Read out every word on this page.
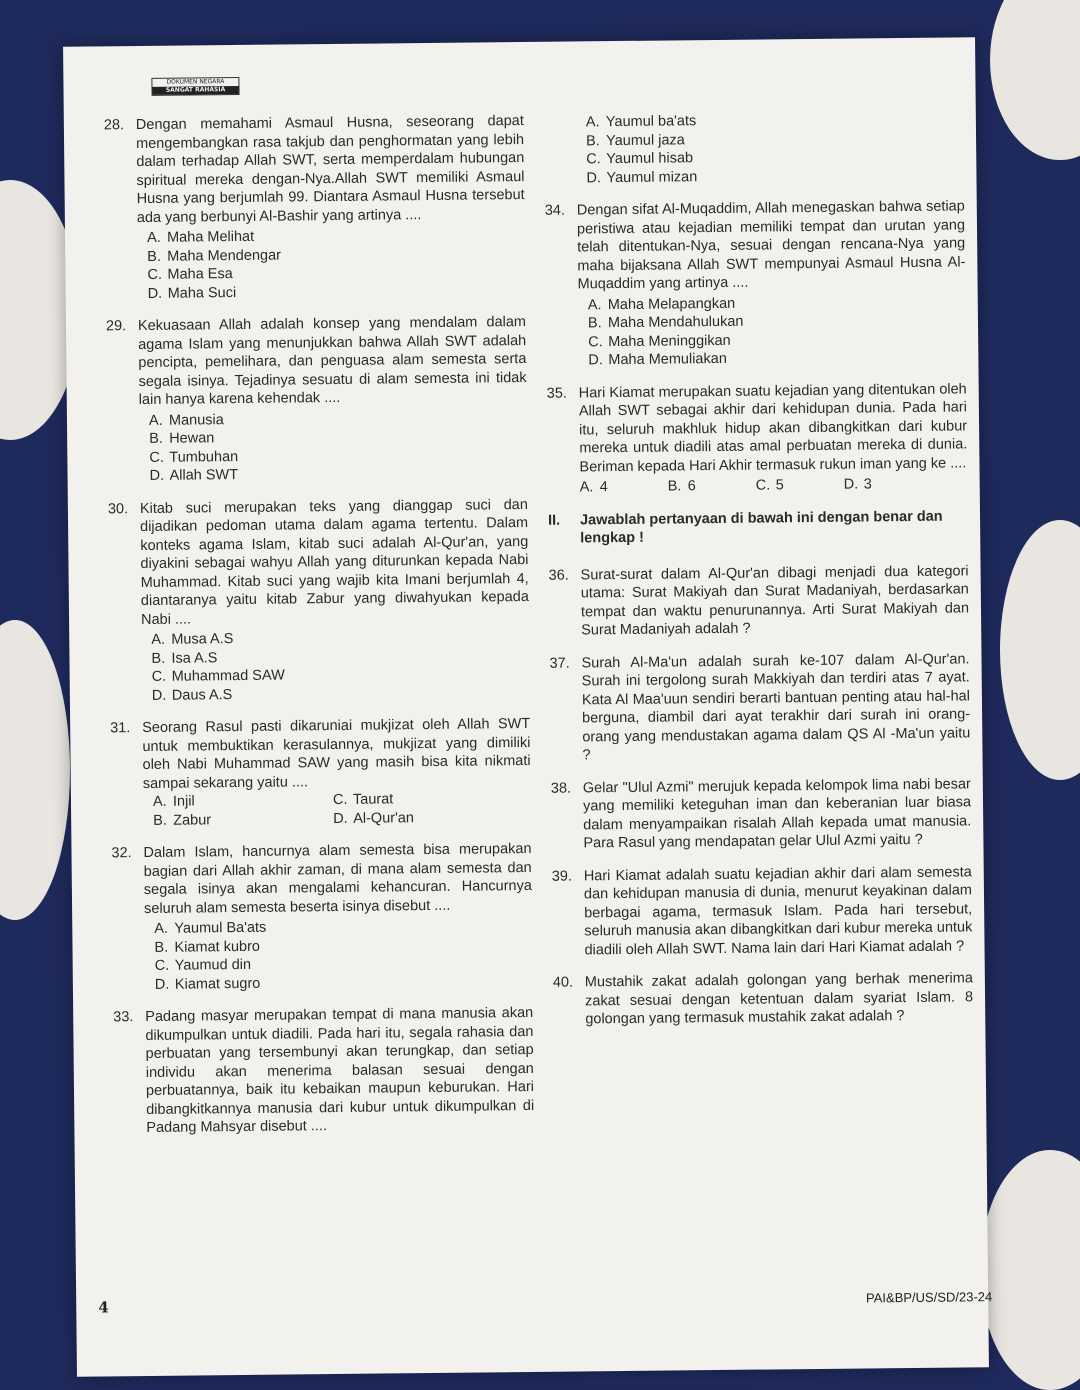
DOKUMEN NEGARA
SANGAT RAHASIA
28. Dengan memahami Asmaul Husna, seseorang dapat mengembangkan rasa takjub dan penghormatan yang lebih dalam terhadap Allah SWT, serta memperdalam hubungan spiritual mereka dengan-Nya.Allah SWT memiliki Asmaul Husna yang berjumlah 99. Diantara Asmaul Husna tersebut ada yang berbunyi Al-Bashir yang artinya ....
A. Maha Melihat
B. Maha Mendengar
C. Maha Esa
D. Maha Suci
29. Kekuasaan Allah adalah konsep yang mendalam dalam agama Islam yang menunjukkan bahwa Allah SWT adalah pencipta, pemelihara, dan penguasa alam semesta serta segala isinya. Tejadinya sesuatu di alam semesta ini tidak lain hanya karena kehendak ....
A. Manusia
B. Hewan
C. Tumbuhan
D. Allah SWT
30. Kitab suci merupakan teks yang dianggap suci dan dijadikan pedoman utama dalam agama tertentu. Dalam konteks agama Islam, kitab suci adalah Al-Qur'an, yang diyakini sebagai wahyu Allah yang diturunkan kepada Nabi Muhammad. Kitab suci yang wajib kita Imani berjumlah 4, diantaranya yaitu kitab Zabur yang diwahyukan kepada Nabi ....
A. Musa A.S
B. Isa A.S
C. Muhammad SAW
D. Daus A.S
31. Seorang Rasul pasti dikaruniai mukjizat oleh Allah SWT untuk membuktikan kerasulannya, mukjizat yang dimiliki oleh Nabi Muhammad SAW yang masih bisa kita nikmati sampai sekarang yaitu ....
A. Injil	C. Taurat
B. Zabur	D. Al-Qur'an
32. Dalam Islam, hancurnya alam semesta bisa merupakan bagian dari Allah akhir zaman, di mana alam semesta dan segala isinya akan mengalami kehancuran. Hancurnya seluruh alam semesta beserta isinya disebut ....
A. Yaumul Ba'ats
B. Kiamat kubro
C. Yaumud din
D. Kiamat sugro
33. Padang masyar merupakan tempat di mana manusia akan dikumpulkan untuk diadili. Pada hari itu, segala rahasia dan perbuatan yang tersembunyi akan terungkap, dan setiap individu akan menerima balasan sesuai dengan perbuatannya, baik itu kebaikan maupun keburukan. Hari dibangkitkannya manusia dari kubur untuk dikumpulkan di Padang Mahsyar disebut ....
A. Yaumul ba'ats
B. Yaumul jaza
C. Yaumul hisab
D. Yaumul mizan
34. Dengan sifat Al-Muqaddim, Allah menegaskan bahwa setiap peristiwa atau kejadian memiliki tempat dan urutan yang telah ditentukan-Nya, sesuai dengan rencana-Nya yang maha bijaksana Allah SWT mempunyai Asmaul Husna Al-Muqaddim yang artinya ....
A. Maha Melapangkan
B. Maha Mendahulukan
C. Maha Meninggikan
D. Maha Memuliakan
35. Hari Kiamat merupakan suatu kejadian yang ditentukan oleh Allah SWT sebagai akhir dari kehidupan dunia. Pada hari itu, seluruh makhluk hidup akan dibangkitkan dari kubur mereka untuk diadili atas amal perbuatan mereka di dunia. Beriman kepada Hari Akhir termasuk rukun iman yang ke ....
A. 4	B. 6	C. 5	D. 3
II. Jawablah pertanyaan di bawah ini dengan benar dan lengkap !
36. Surat-surat dalam Al-Qur'an dibagi menjadi dua kategori utama: Surat Makiyah dan Surat Madaniyah, berdasarkan tempat dan waktu penurunannya. Arti Surat Makiyah dan Surat Madaniyah adalah ?
37. Surah Al-Ma'un adalah surah ke-107 dalam Al-Qur'an. Surah ini tergolong surah Makkiyah dan terdiri atas 7 ayat. Kata Al Maa'uun sendiri berarti bantuan penting atau hal-hal berguna, diambil dari ayat terakhir dari surah ini orang-orang yang mendustakan agama dalam QS Al -Ma'un yaitu ?
38. Gelar "Ulul Azmi" merujuk kepada kelompok lima nabi besar yang memiliki keteguhan iman dan keberanian luar biasa dalam menyampaikan risalah Allah kepada umat manusia. Para Rasul yang mendapatan gelar Ulul Azmi yaitu ?
39. Hari Kiamat adalah suatu kejadian akhir dari alam semesta dan kehidupan manusia di dunia, menurut keyakinan dalam berbagai agama, termasuk Islam. Pada hari tersebut, seluruh manusia akan dibangkitkan dari kubur mereka untuk diadili oleh Allah SWT. Nama lain dari Hari Kiamat adalah ?
40. Mustahik zakat adalah golongan yang berhak menerima zakat sesuai dengan ketentuan dalam syariat Islam. 8 golongan yang termasuk mustahik zakat adalah ?
4
PAI&BP/US/SD/23-24
